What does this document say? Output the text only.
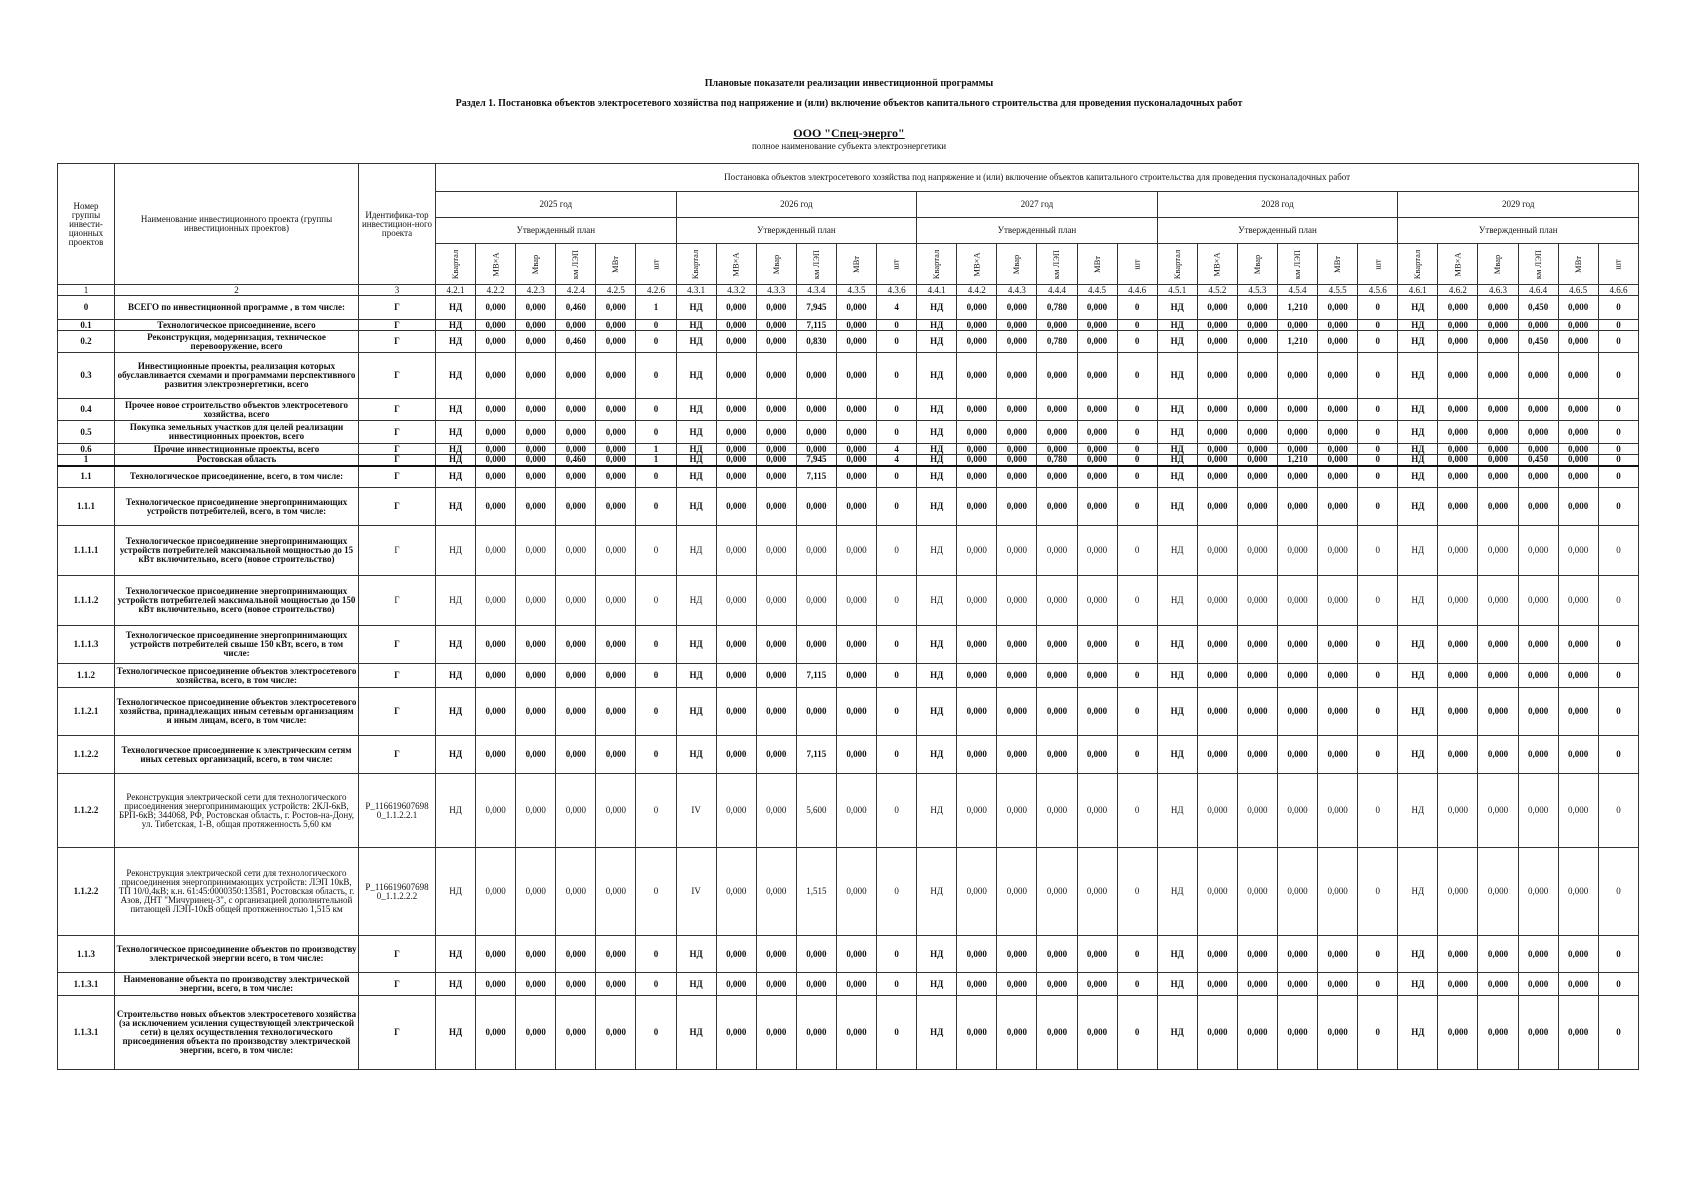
Плановые показатели реализации инвестиционной программы
Раздел 1. Постановка объектов электросетевого хозяйства под напряжение и (или) включение объектов капитального строительства для проведения пусконаладочных работ
ООО "Спец-энерго"
полное наименование субъекта электроэнергетики
Номер группы инвести-ционных проектов	Наименование инвестиционного проекта (группы инвестиционных проектов)	Идентифика-тор инвестицион-ного проекта	Постановка объектов электросетевого хозяйства под напряжение и (или) включение объектов капитального строительства для проведения пусконаладочных работ																													
			2025 год						2026 год						2027 год						2028 год						2029 год					
			Утвержденный план						Утвержденный план						Утвержденный план						Утвержденный план						Утвержденный план					
			Квартал	МВ×А	Мвар	км ЛЭП	МВт	шт	Квартал	МВ×А	Мвар	км ЛЭП	МВт	шт	Квартал	МВ×А	Мвар	км ЛЭП	МВт	шт	Квартал	МВ×А	Мвар	км ЛЭП	МВт	шт	Квартал	МВ×А	Мвар	км ЛЭП	МВт	шт
1	2	3	4.2.1	4.2.2	4.2.3	4.2.4	4.2.5	4.2.6	4.3.1	4.3.2	4.3.3	4.3.4	4.3.5	4.3.6	4.4.1	4.4.2	4.4.3	4.4.4	4.4.5	4.4.6	4.5.1	4.5.2	4.5.3	4.5.4	4.5.5	4.5.6	4.6.1	4.6.2	4.6.3	4.6.4	4.6.5	4.6.6
0	ВСЕГО по инвестиционной программе , в том числе:	Г	НД	0,000	0,000	0,460	0,000	1	НД	0,000	0,000	7,945	0,000	4	НД	0,000	0,000	0,780	0,000	0	НД	0,000	0,000	1,210	0,000	0	НД	0,000	0,000	0,450	0,000	0
0.1	Технологическое присоединение, всего	Г	НД	0,000	0,000	0,000	0,000	0	НД	0,000	0,000	7,115	0,000	0	НД	0,000	0,000	0,000	0,000	0	НД	0,000	0,000	0,000	0,000	0	НД	0,000	0,000	0,000	0,000	0
0.2	Реконструкция, модернизация, техническое перевооружение, всего	Г	НД	0,000	0,000	0,460	0,000	0	НД	0,000	0,000	0,830	0,000	0	НД	0,000	0,000	0,780	0,000	0	НД	0,000	0,000	1,210	0,000	0	НД	0,000	0,000	0,450	0,000	0
0.3	Инвестиционные проекты, реализация которых обуславливается схемами и программами перспективного развития электроэнергетики, всего	Г	НД	0,000	0,000	0,000	0,000	0	НД	0,000	0,000	0,000	0,000	0	НД	0,000	0,000	0,000	0,000	0	НД	0,000	0,000	0,000	0,000	0	НД	0,000	0,000	0,000	0,000	0
0.4	Прочее новое строительство объектов электросетевого хозяйства, всего	Г	НД	0,000	0,000	0,000	0,000	0	НД	0,000	0,000	0,000	0,000	0	НД	0,000	0,000	0,000	0,000	0	НД	0,000	0,000	0,000	0,000	0	НД	0,000	0,000	0,000	0,000	0
0.5	Покупка земельных участков для целей реализации инвестиционных проектов, всего	Г	НД	0,000	0,000	0,000	0,000	0	НД	0,000	0,000	0,000	0,000	0	НД	0,000	0,000	0,000	0,000	0	НД	0,000	0,000	0,000	0,000	0	НД	0,000	0,000	0,000	0,000	0
0.6	Прочие инвестиционные проекты, всего	Г	НД	0,000	0,000	0,000	0,000	1	НД	0,000	0,000	0,000	0,000	4	НД	0,000	0,000	0,000	0,000	0	НД	0,000	0,000	0,000	0,000	0	НД	0,000	0,000	0,000	0,000	0
1	Ростовская область	Г	НД	0,000	0,000	0,460	0,000	1	НД	0,000	0,000	7,945	0,000	4	НД	0,000	0,000	0,780	0,000	0	НД	0,000	0,000	1,210	0,000	0	НД	0,000	0,000	0,450	0,000	0
1.1	Технологическое присоединение, всего, в том числе:	Г	НД	0,000	0,000	0,000	0,000	0	НД	0,000	0,000	7,115	0,000	0	НД	0,000	0,000	0,000	0,000	0	НД	0,000	0,000	0,000	0,000	0	НД	0,000	0,000	0,000	0,000	0
1.1.1	Технологическое присоединение энергопринимающих устройств потребителей, всего, в том числе:	Г	НД	0,000	0,000	0,000	0,000	0	НД	0,000	0,000	0,000	0,000	0	НД	0,000	0,000	0,000	0,000	0	НД	0,000	0,000	0,000	0,000	0	НД	0,000	0,000	0,000	0,000	0
1.1.1.1	Технологическое присоединение энергопринимающих устройств потребителей максимальной мощностью до 15 кВт включительно, всего (новое строительство)	Г	НД	0,000	0,000	0,000	0,000	0	НД	0,000	0,000	0,000	0,000	0	НД	0,000	0,000	0,000	0,000	0	НД	0,000	0,000	0,000	0,000	0	НД	0,000	0,000	0,000	0,000	0
1.1.1.2	Технологическое присоединение энергопринимающих устройств потребителей максимальной мощностью до 150 кВт включительно, всего (новое строительство)	Г	НД	0,000	0,000	0,000	0,000	0	НД	0,000	0,000	0,000	0,000	0	НД	0,000	0,000	0,000	0,000	0	НД	0,000	0,000	0,000	0,000	0	НД	0,000	0,000	0,000	0,000	0
1.1.1.3	Технологическое присоединение энергопринимающих устройств потребителей свыше 150 кВт, всего, в том числе:	Г	НД	0,000	0,000	0,000	0,000	0	НД	0,000	0,000	0,000	0,000	0	НД	0,000	0,000	0,000	0,000	0	НД	0,000	0,000	0,000	0,000	0	НД	0,000	0,000	0,000	0,000	0
1.1.2	Технологическое присоединение объектов электросетевого хозяйства, всего, в том числе:	Г	НД	0,000	0,000	0,000	0,000	0	НД	0,000	0,000	7,115	0,000	0	НД	0,000	0,000	0,000	0,000	0	НД	0,000	0,000	0,000	0,000	0	НД	0,000	0,000	0,000	0,000	0
1.1.2.1	Технологическое присоединение объектов электросетевого хозяйства, принадлежащих иным сетевым организациям и иным лицам, всего, в том числе:	Г	НД	0,000	0,000	0,000	0,000	0	НД	0,000	0,000	0,000	0,000	0	НД	0,000	0,000	0,000	0,000	0	НД	0,000	0,000	0,000	0,000	0	НД	0,000	0,000	0,000	0,000	0
1.1.2.2	Технологическое присоединение к электрическим сетям иных сетевых организаций, всего, в том числе:	Г	НД	0,000	0,000	0,000	0,000	0	НД	0,000	0,000	7,115	0,000	0	НД	0,000	0,000	0,000	0,000	0	НД	0,000	0,000	0,000	0,000	0	НД	0,000	0,000	0,000	0,000	0
1.1.2.2	Реконструкция электрической сети для технологического присоединения энергопринимающих устройств: 2КЛ-6кВ, БРП-6кВ; 344068, РФ, Ростовская область, г. Ростов-на-Дону, ул. Тибетская, 1-В, общая протяженность 5,60 км	P_116619607698 0_1.1.2.2.1	НД	0,000	0,000	0,000	0,000	0	IV	0,000	0,000	5,600	0,000	0	НД	0,000	0,000	0,000	0,000	0	НД	0,000	0,000	0,000	0,000	0	НД	0,000	0,000	0,000	0,000	0
1.1.2.2	Реконструкция электрической сети для технологического присоединения энергопринимающих устройств: ЛЭП 10кВ, ТП 10/0,4кВ; к.н. 61:45:0000350:13581, Ростовская область, г. Азов, ДНТ "Мичуринец-3", с организацией дополнительной питающей ЛЭП-10кВ общей протяженностью 1,515 км	P_116619607698 0_1.1.2.2.2	НД	0,000	0,000	0,000	0,000	0	IV	0,000	0,000	1,515	0,000	0	НД	0,000	0,000	0,000	0,000	0	НД	0,000	0,000	0,000	0,000	0	НД	0,000	0,000	0,000	0,000	0
1.1.3	Технологическое присоединение объектов по производству электрической энергии всего, в том числе:	Г	НД	0,000	0,000	0,000	0,000	0	НД	0,000	0,000	0,000	0,000	0	НД	0,000	0,000	0,000	0,000	0	НД	0,000	0,000	0,000	0,000	0	НД	0,000	0,000	0,000	0,000	0
1.1.3.1	Наименование объекта по производству электрической энергии, всего, в том числе:	Г	НД	0,000	0,000	0,000	0,000	0	НД	0,000	0,000	0,000	0,000	0	НД	0,000	0,000	0,000	0,000	0	НД	0,000	0,000	0,000	0,000	0	НД	0,000	0,000	0,000	0,000	0
1.1.3.1	Строительство новых объектов электросетевого хозяйства (за исключением усиления существующей электрической сети) в целях осуществления технологического присоединения объекта по производству электрической энергии, всего, в том числе:	Г	НД	0,000	0,000	0,000	0,000	0	НД	0,000	0,000	0,000	0,000	0	НД	0,000	0,000	0,000	0,000	0	НД	0,000	0,000	0,000	0,000	0	НД	0,000	0,000	0,000	0,000	0
